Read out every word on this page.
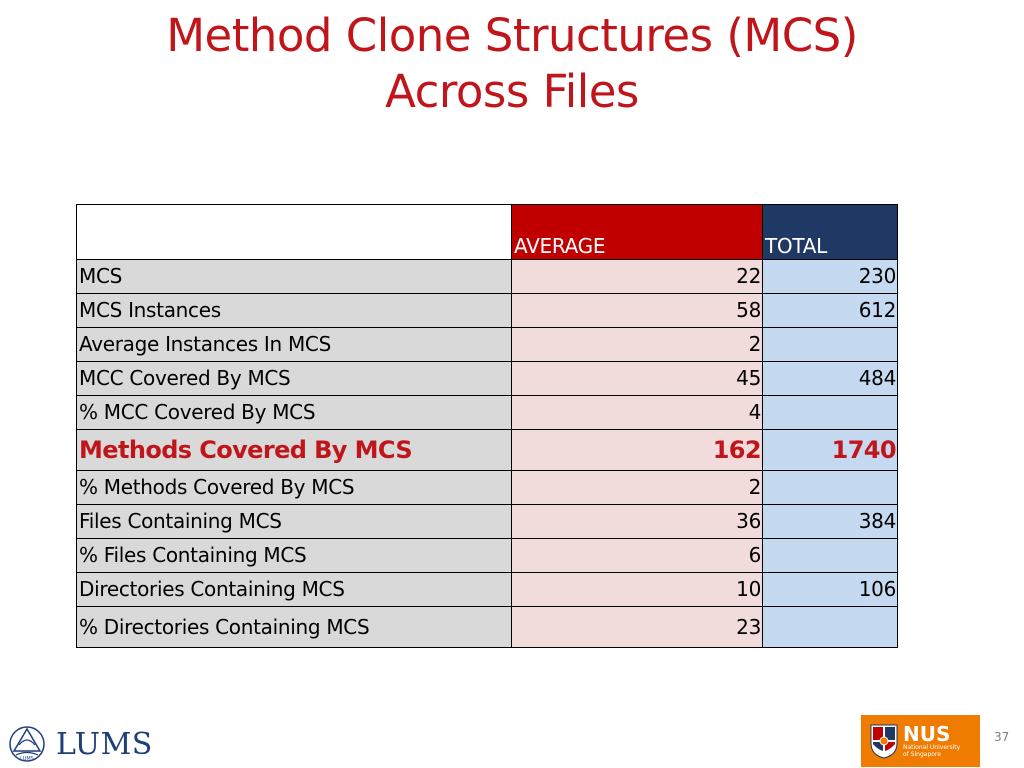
Method Clone Structures (MCS)
Across Files
	AVERAGE	TOTAL
MCS	22	230
MCS Instances	58	612
Average Instances In MCS	2	
MCC Covered By MCS	45	484
% MCC Covered By MCS	4	
Methods Covered By MCS	162	1740
% Methods Covered By MCS	2	
Files Containing MCS	36	384
% Files Containing MCS	6	
Directories Containing MCS	10	106
% Directories Containing MCS	23	
LUMS LUMS	NUS
National University
of Singapore
37
